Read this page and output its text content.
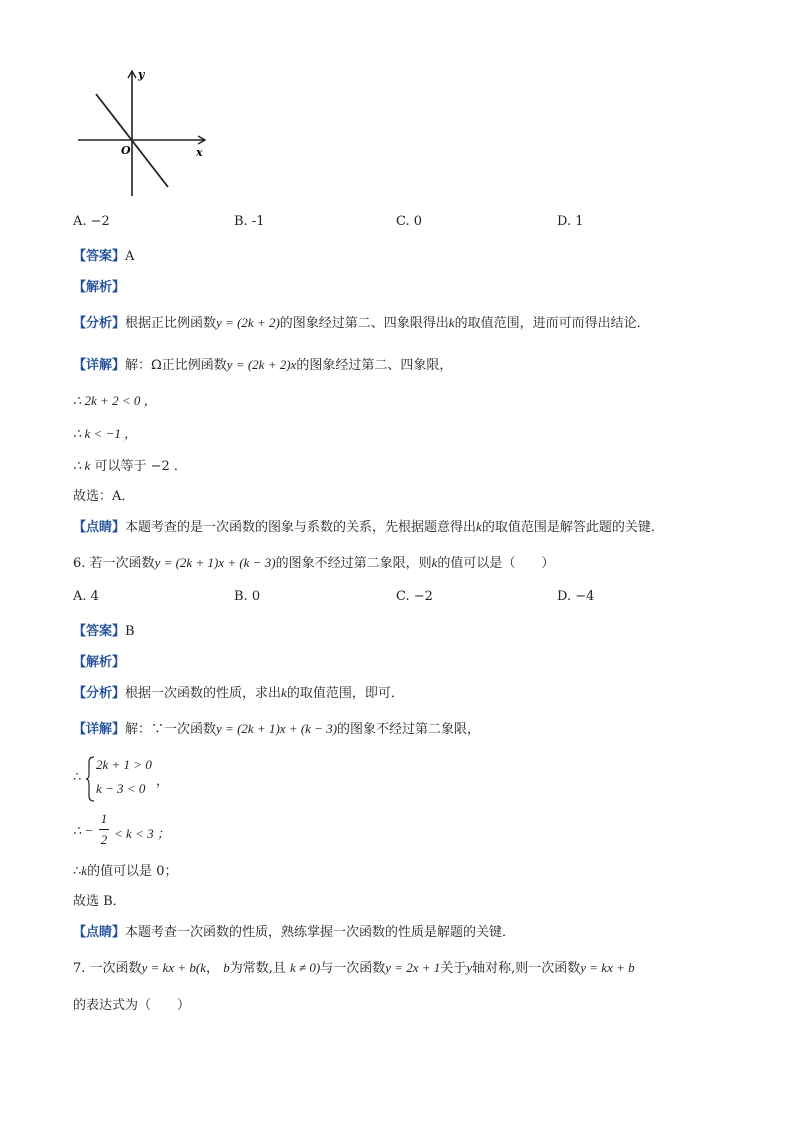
y
x
O
A. −2	B. -1	C. 0	D. 1
【答案】A
【解析】
【分析】根据正比例函数y = (2k + 2)的图象经过第二、四象限得出k的取值范围，进而可而得出结论．
【详解】解：Ω正比例函数y = (2k + 2)x的图象经过第二、四象限，
∴ 2k + 2 < 0 ，
∴ k < −1 ，
∴ k 可以等于 −2 ．
故选：A．
【点睛】本题考查的是一次函数的图象与系数的关系，先根据题意得出k的取值范围是解答此题的关键．
6. 若一次函数y = (2k + 1)x + (k − 3)的图象不经过第二象限，则k的值可以是（　　）
A. 4	B. 0	C. −2	D. −4
【答案】B
【解析】
【分析】根据一次函数的性质，求出k的取值范围，即可．
【详解】解：∵一次函数y = (2k + 1)x + (k − 3)的图象不经过第二象限，
∴
2k + 1 > 0
k − 3 < 0 ，
∴ −
1
2 < k < 3 ；
∴k的值可以是 0；
故选 B．
【点睛】本题考查一次函数的性质，熟练掌握一次函数的性质是解题的关键．
7. 一次函数y = kx + b(k， b为常数,且 k ≠ 0)与一次函数y = 2x + 1关于y轴对称,则一次函数y = kx + b
的表达式为（　　）
